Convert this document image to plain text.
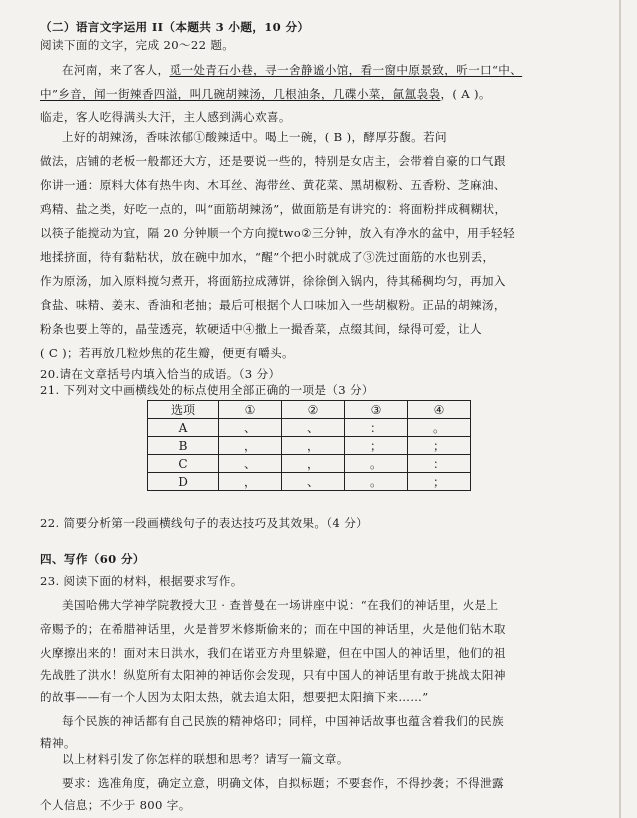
（二）语言文字运用 II（本题共 3 小题，10 分）
阅读下面的文字，完成 20～22 题。
在河南，来了客人，觅一处青石小巷，寻一舍静谧小馆，看一窗中原景致，听一口“中、
中”乡音，闻一街辣香四溢，叫几碗胡辣汤，几根油条，几碟小菜，氤氲袅袅，( A )。
临走，客人吃得满头大汗，主人感到满心欢喜。
上好的胡辣汤，香味浓郁①酸辣适中。喝上一碗，( B )，酵厚芬馥。若问
做法，店铺的老板一般都还大方，还是要说一些的，特别是女店主，会带着自豪的口气跟
你讲一通：原料大体有热牛肉、木耳丝、海带丝、黄花菜、黑胡椒粉、五香粉、芝麻油、
鸡精、盐之类，好吃一点的，叫“面筋胡辣汤”，做面筋是有讲究的：将面粉拌成稠糊状，
以筷子能搅动为宜，隔 20 分钟顺一个方向搅two②三分钟，放入有净水的盆中，用手轻轻
地揉挤面，待有黏粘状，放在碗中加水，“醒”个把小时就成了③洗过面筋的水也别丢，
作为原汤，加入原料搅匀煮开，将面筋拉成薄饼，徐徐倒入锅内，待其稀稠均匀，再加入
食盐、味精、姜末、香油和老抽；最后可根据个人口味加入一些胡椒粉。正品的胡辣汤，
粉条也要上等的，晶莹透亮，软硬适中④撒上一撮香菜，点缀其间，绿得可爱，让人
( C )；若再放几粒炒焦的花生瓣，便更有嚼头。
20.请在文章括号内填入恰当的成语。（3 分）
21. 下列对文中画横线处的标点使用全部正确的一项是（3 分）
选项	①	②	③	④
A	、	、	：	。
B	，	，	；	；
C	、	，	。	：
D	，	、	。	；
22. 简要分析第一段画横线句子的表达技巧及其效果。（4 分）
四、写作（60 分）
23. 阅读下面的材料，根据要求写作。
美国哈佛大学神学院教授大卫 · 查普曼在一场讲座中说：“在我们的神话里，火是上
帝赐予的；在希腊神话里，火是普罗米修斯偷来的；而在中国的神话里，火是他们钻木取
火摩擦出来的！面对末日洪水，我们在诺亚方舟里躲避，但在中国人的神话里，他们的祖
先战胜了洪水！纵览所有太阳神的神话你会发现，只有中国人的神话里有敢于挑战太阳神
的故事——有一个人因为太阳太热，就去追太阳，想要把太阳摘下来……”
每个民族的神话都有自己民族的精神烙印；同样，中国神话故事也蕴含着我们的民族
精神。
以上材料引发了你怎样的联想和思考？请写一篇文章。
要求：选准角度，确定立意，明确文体，自拟标题；不要套作，不得抄袭；不得泄露
个人信息；不少于 800 字。
